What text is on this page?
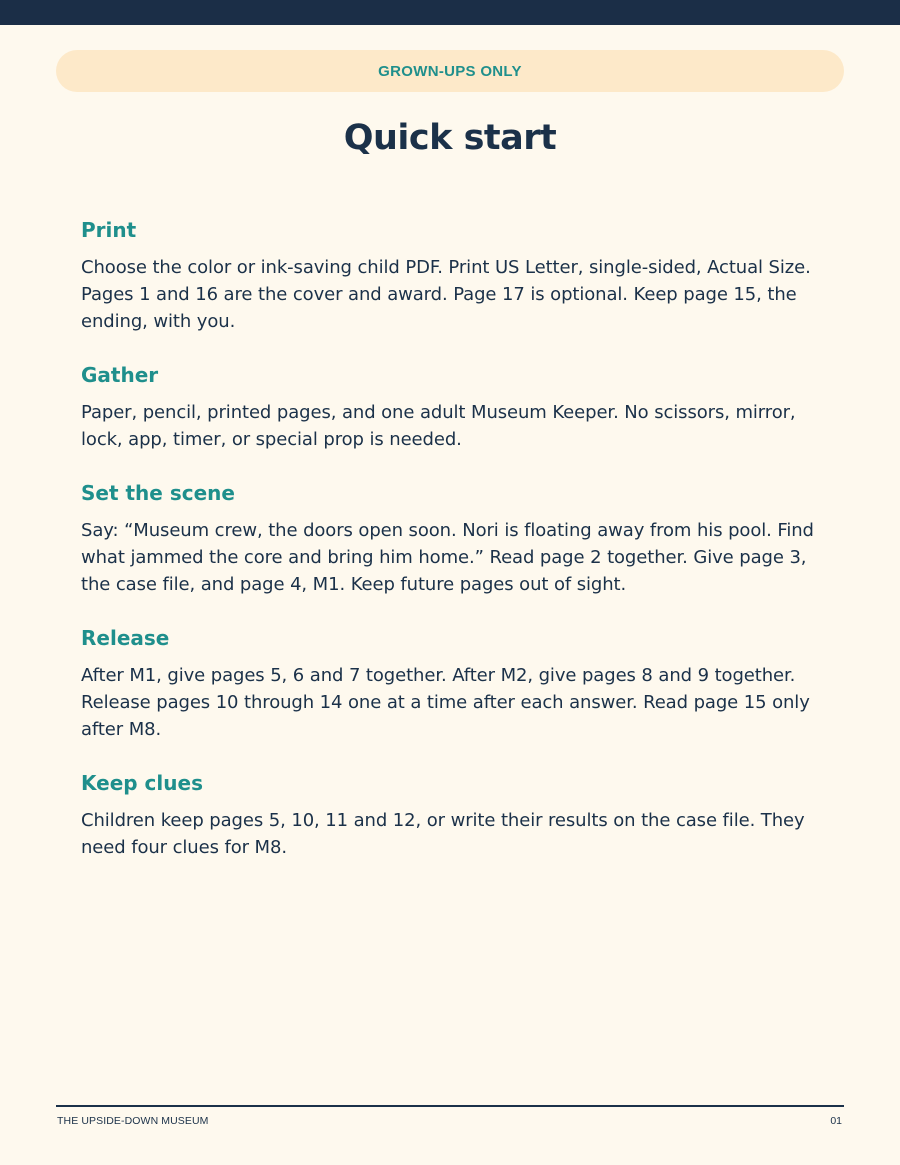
GROWN-UPS ONLY
Quick start
Print

Choose the color or ink-saving child PDF. Print US Letter, single-sided, Actual Size. Pages 1 and 16 are the cover and award. Page 17 is optional. Keep page 15, the ending, with you.

Gather

Paper, pencil, printed pages, and one adult Museum Keeper. No scissors, mirror, lock, app, timer, or special prop is needed.

Set the scene

Say: “Museum crew, the doors open soon. Nori is floating away from his pool. Find what jammed the core and bring him home.” Read page 2 together. Give page 3, the case file, and page 4, M1. Keep future pages out of sight.

Release

After M1, give pages 5, 6 and 7 together. After M2, give pages 8 and 9 together. Release pages 10 through 14 one at a time after each answer. Read page 15 only after M8.

Keep clues

Children keep pages 5, 10, 11 and 12, or write their results on the case file. They need four clues for M8.

THE UPSIDE-DOWN MUSEUM	01
